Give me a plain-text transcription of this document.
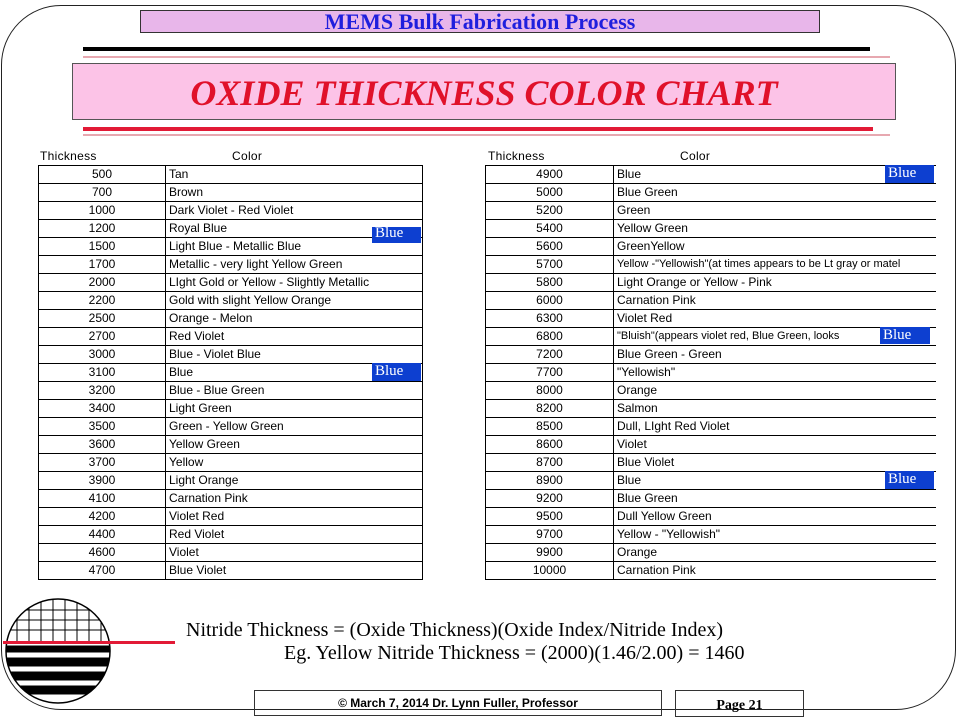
MEMS Bulk Fabrication Process
OXIDE THICKNESS COLOR CHART
Thickness	Color	Thickness	Color
500	Tan
700	Brown
1000	Dark Violet - Red Violet
1200	Royal Blue
1500	Light Blue - Metallic Blue
1700	Metallic - very light Yellow Green
2000	LIght Gold or Yellow - Slightly Metallic
2200	Gold with slight Yellow Orange
2500	Orange - Melon
2700	Red Violet
3000	Blue - Violet Blue
3100	Blue
3200	Blue - Blue Green
3400	Light Green
3500	Green - Yellow Green
3600	Yellow Green
3700	Yellow
3900	Light Orange
4100	Carnation Pink
4200	Violet Red
4400	Red Violet
4600	Violet
4700	Blue Violet
4900	Blue
5000	Blue Green
5200	Green
5400	Yellow Green
5600	GreenYellow
5700	Yellow -"Yellowish"(at times appears to be Lt gray or matel
5800	Light Orange or Yellow - Pink
6000	Carnation Pink
6300	Violet Red
6800	"Bluish"(appears violet red, Blue Green, looks
7200	Blue Green - Green
7700	"Yellowish"
8000	Orange
8200	Salmon
8500	Dull, LIght Red Violet
8600	Violet
8700	Blue Violet
8900	Blue
9200	Blue Green
9500	Dull Yellow Green
9700	Yellow - "Yellowish"
9900	Orange
10000	Carnation Pink
Blue
Blue
Blue
Blue
Blue
Nitride Thickness = (Oxide Thickness)(Oxide Index/Nitride Index)
Eg. Yellow Nitride Thickness = (2000)(1.46/2.00) = 1460
© March 7, 2014 Dr. Lynn Fuller, Professor	Page 21
